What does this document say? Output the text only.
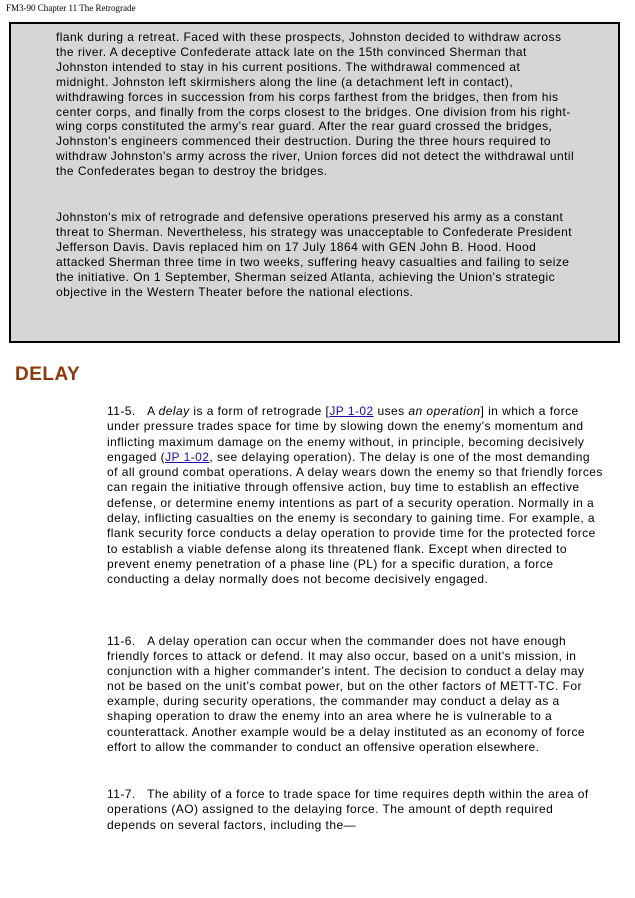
FM3-90 Chapter 11 The Retrograde

flank during a retreat. Faced with these prospects, Johnston decided to withdraw across the river. A deceptive Confederate attack late on the 15th convinced Sherman that Johnston intended to stay in his current positions. The withdrawal commenced at midnight. Johnston left skirmishers along the line (a detachment left in contact), withdrawing forces in succession from his corps farthest from the bridges, then from his center corps, and finally from the corps closest to the bridges. One division from his right-wing corps constituted the army's rear guard. After the rear guard crossed the bridges, Johnston's engineers commenced their destruction. During the three hours required to withdraw Johnston's army across the river, Union forces did not detect the withdrawal until the Confederates began to destroy the bridges.

Johnston's mix of retrograde and defensive operations preserved his army as a constant threat to Sherman. Nevertheless, his strategy was unacceptable to Confederate President Jefferson Davis. Davis replaced him on 17 July 1864 with GEN John B. Hood. Hood attacked Sherman three time in two weeks, suffering heavy casualties and failing to seize the initiative. On 1 September, Sherman seized Atlanta, achieving the Union's strategic objective in the Western Theater before the national elections.

DELAY

11-5. A delay is a form of retrograde [JP 1-02 uses an operation] in which a force under pressure trades space for time by slowing down the enemy's momentum and inflicting maximum damage on the enemy without, in principle, becoming decisively engaged (JP 1-02, see delaying operation). The delay is one of the most demanding of all ground combat operations. A delay wears down the enemy so that friendly forces can regain the initiative through offensive action, buy time to establish an effective defense, or determine enemy intentions as part of a security operation. Normally in a delay, inflicting casualties on the enemy is secondary to gaining time. For example, a flank security force conducts a delay operation to provide time for the protected force to establish a viable defense along its threatened flank. Except when directed to prevent enemy penetration of a phase line (PL) for a specific duration, a force conducting a delay normally does not become decisively engaged.

11-6. A delay operation can occur when the commander does not have enough friendly forces to attack or defend. It may also occur, based on a unit's mission, in conjunction with a higher commander's intent. The decision to conduct a delay may not be based on the unit's combat power, but on the other factors of METT-TC. For example, during security operations, the commander may conduct a delay as a shaping operation to draw the enemy into an area where he is vulnerable to a counterattack. Another example would be a delay instituted as an economy of force effort to allow the commander to conduct an offensive operation elsewhere.

11-7. The ability of a force to trade space for time requires depth within the area of operations (AO) assigned to the delaying force. The amount of depth required depends on several factors, including the—
